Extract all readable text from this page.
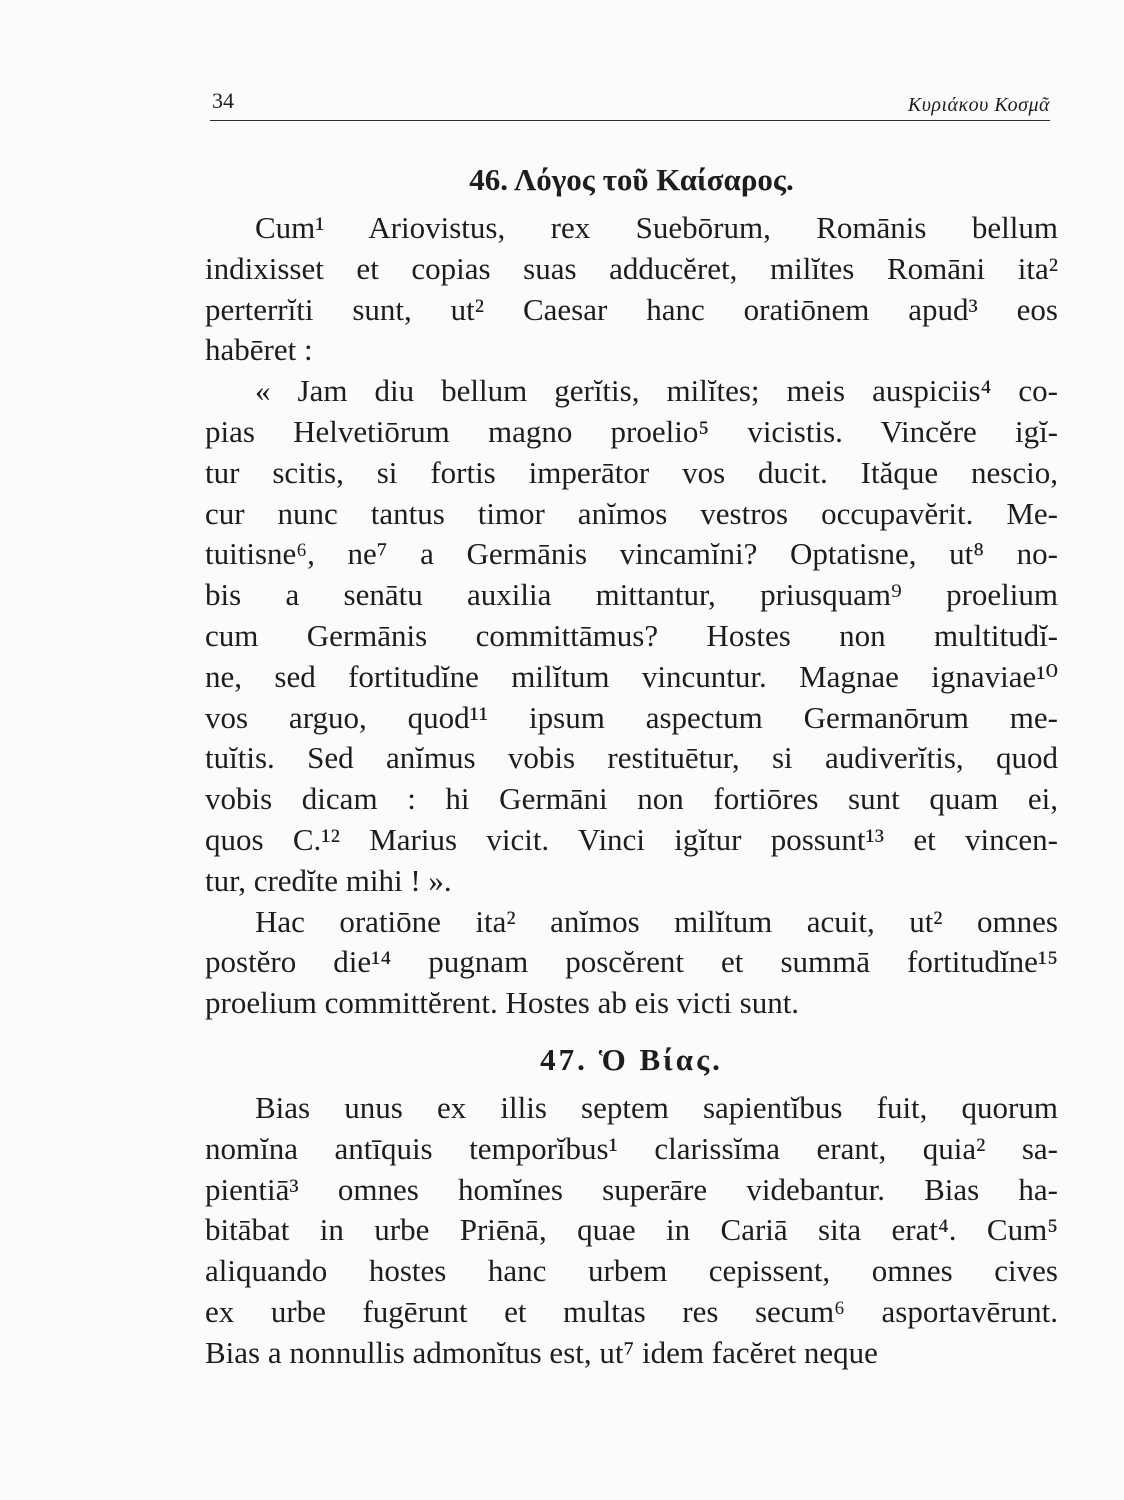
34	Κυριάκου Κοσμᾶ
46. Λόγος τοῦ Καίσαρος.

Cum¹ Ariovistus, rex Suebōrum, Romānis bellum
indixisset et copias suas adducĕret, milĭtes Romāni ita²
perterrĭti sunt, ut² Caesar hanc oratiōnem apud³ eos
habēret :

« Jam diu bellum gerĭtis, milĭtes; meis auspiciis⁴ co-
pias Helvetiōrum magno proelio⁵ vicistis. Vincĕre igĭ-
tur scitis, si fortis imperātor vos ducit. Ităque nescio,
cur nunc tantus timor anĭmos vestros occupavĕrit. Me-
tuitisne⁶, ne⁷ a Germānis vincamĭni? Optatisne, ut⁸ no-
bis a senātu auxilia mittantur, priusquam⁹ proelium
cum Germānis committāmus? Hostes non multitudĭ-
ne, sed fortitudĭne milĭtum vincuntur. Magnae ignaviae¹⁰
vos arguo, quod¹¹ ipsum aspectum Germanōrum me-
tuĭtis. Sed anĭmus vobis restituētur, si audiverĭtis, quod
vobis dicam : hi Germāni non fortiōres sunt quam ei,
quos C.¹² Marius vicit. Vinci igĭtur possunt¹³ et vincen-
tur, credĭte mihi ! ».

Hac oratiōne ita² anĭmos milĭtum acuit, ut² omnes
postĕro die¹⁴ pugnam poscĕrent et summā fortitudĭne¹⁵
proelium committĕrent. Hostes ab eis victi sunt.

47. Ὁ Βίας.

Bias unus ex illis septem sapientĭbus fuit, quorum
nomĭna antīquis temporĭbus¹ clarissĭma erant, quia² sa-
pientiā³ omnes homĭnes superāre videbantur. Bias ha-
bitābat in urbe Priēnā, quae in Cariā sita erat⁴. Cum⁵
aliquando hostes hanc urbem cepissent, omnes cives
ex urbe fugērunt et multas res secum⁶ asportavērunt.
Bias a nonnullis admonĭtus est, ut⁷ idem facĕret neque
